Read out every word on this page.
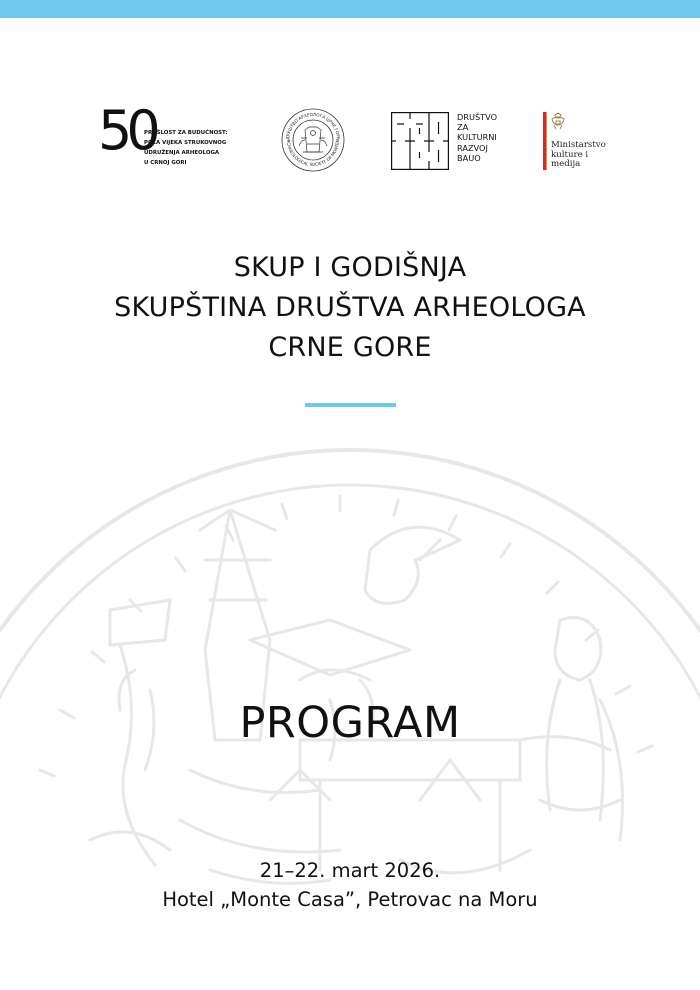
50
PROŠLOST ZA BUDUĆNOST:
POLA VIJEKA STRUKOVNOG
UDRUŽENJA ARHEOLOGA
U CRNOJ GORI
ДРУШТВО АРХЕОЛОГА ЦРНЕ ГОРЕ
RCHAEOLOGICAL SOCIETY OF MONTEN
DRUŠTVO
ZA
KULTURNI
RAZVOJ
BAUO
Ministarstvo
kulture i
medija
SKUP I GODIŠNJA
SKUPŠTINA DRUŠTVA ARHEOLOGA
CRNE GORE
PROGRAM
21–22. mart 2026.
Hotel „Monte Casa”, Petrovac na Moru
